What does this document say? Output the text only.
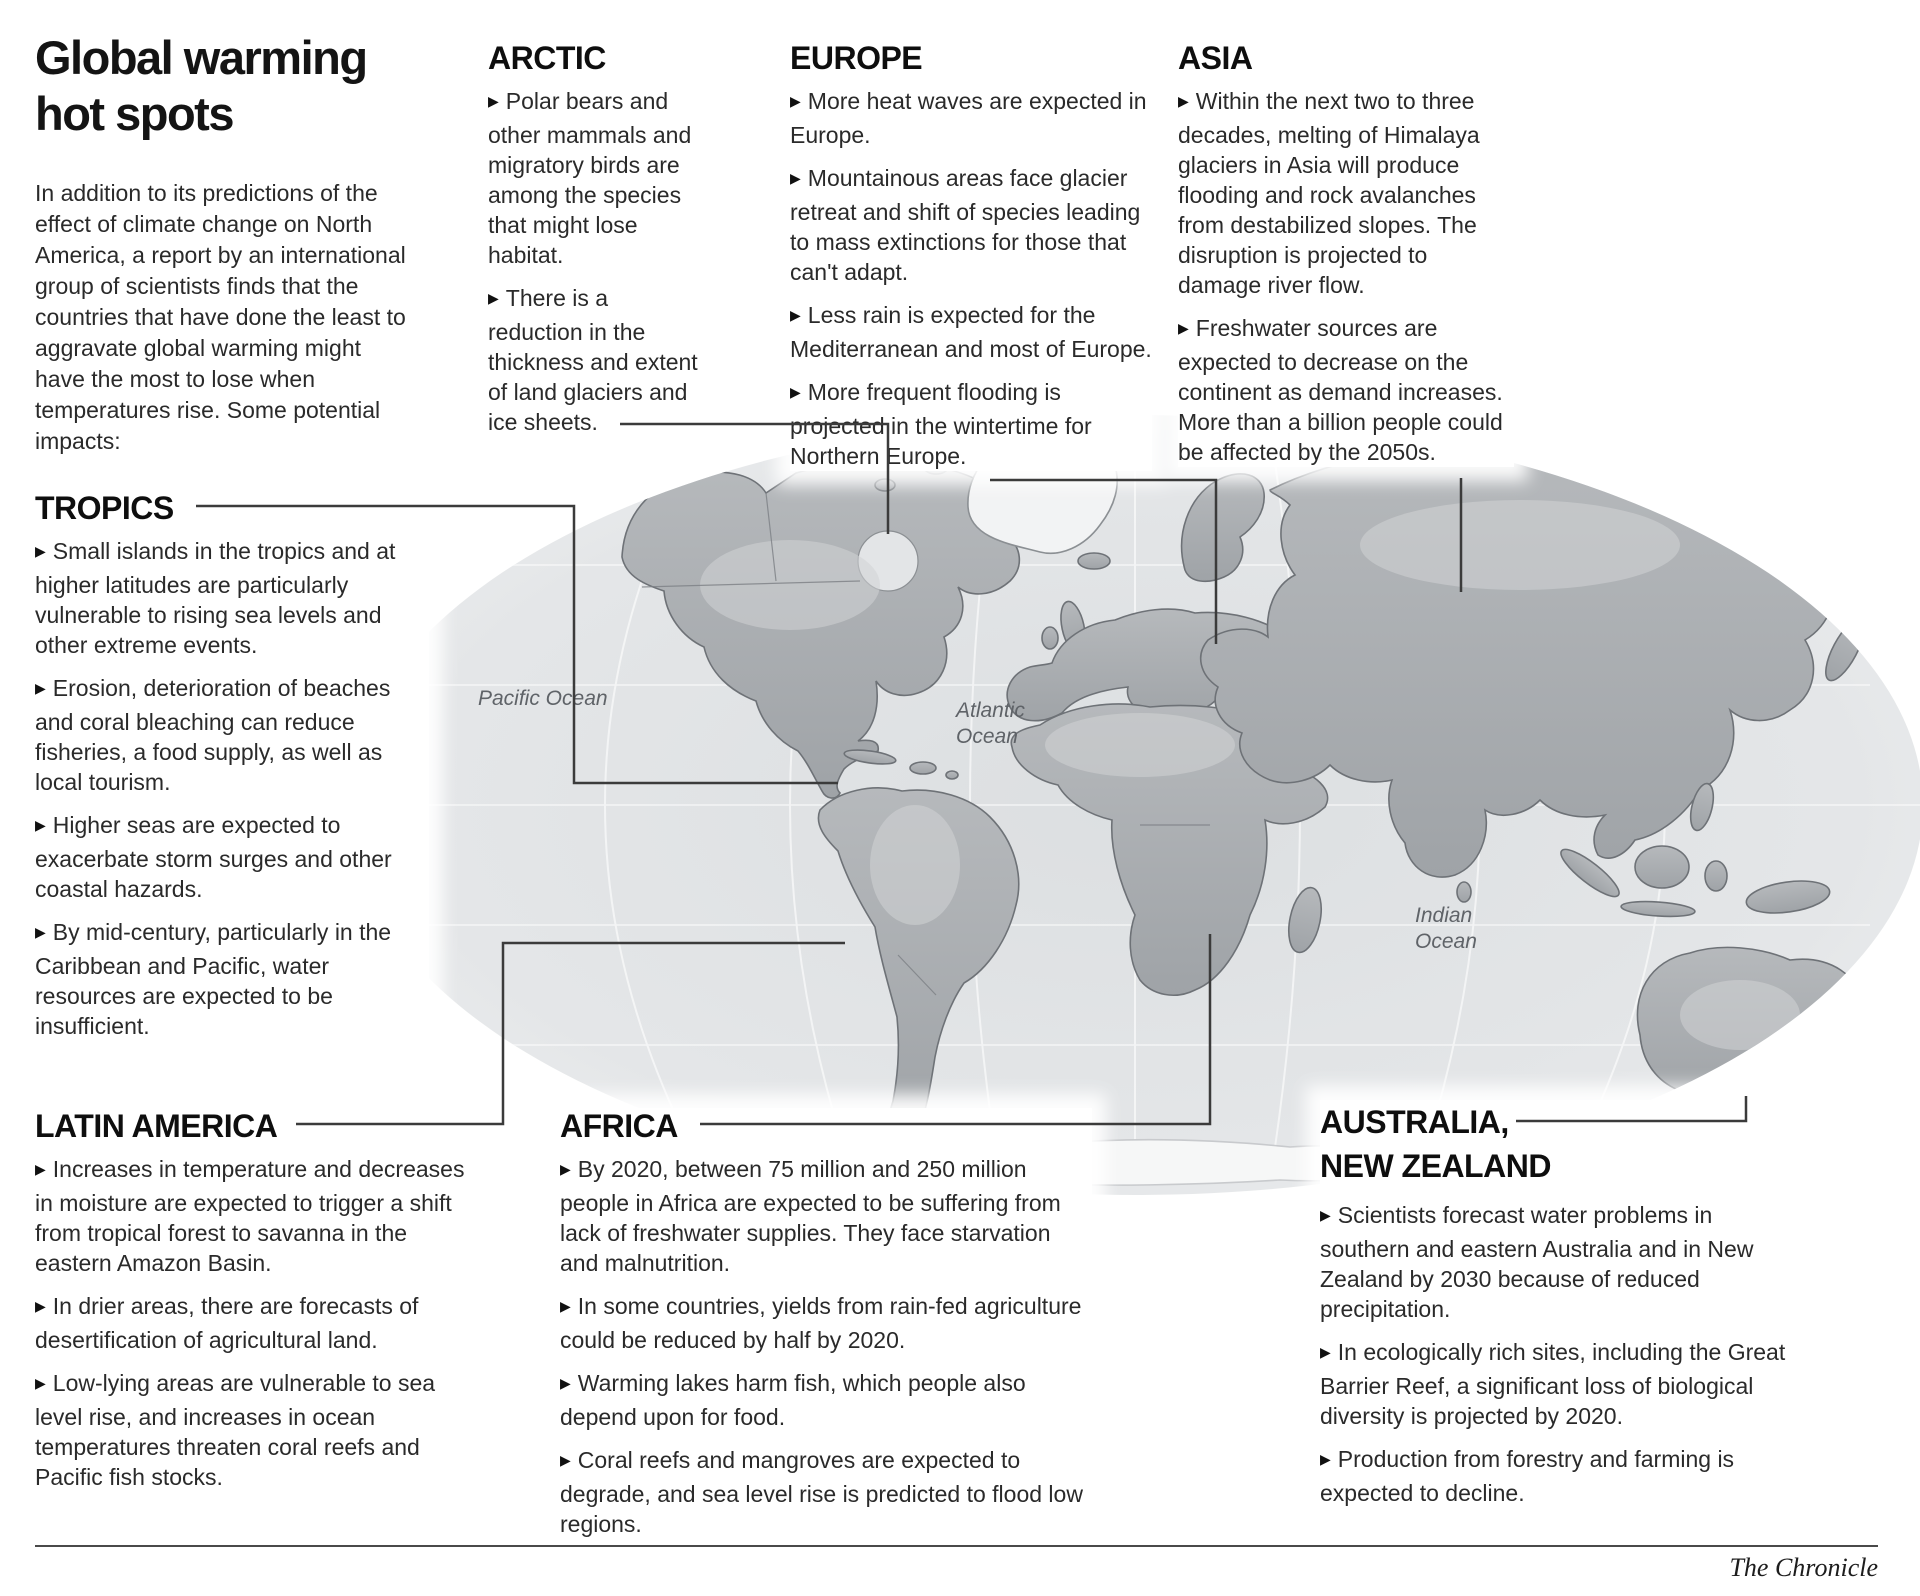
Atlantic
Ocean
Pacific Ocean
Indian
Ocean
Global warming
hot spots
In addition to its predictions of the effect of climate change on North America, a report by an international group of scientists finds that the countries that have done the least to aggravate global warming might have the most to lose when temperatures rise. Some potential impacts:
ARCTIC

▶ Polar bears and other mammals and migratory birds are among the species that might lose habitat.

▶ There is a reduction in the thickness and extent of land glaciers and ice sheets.

EUROPE

▶ More heat waves are expected in Europe.

▶ Mountainous areas face glacier retreat and shift of species leading to mass extinctions for those that can't adapt.

▶ Less rain is expected for the Mediterranean and most of Europe.

▶ More frequent flooding is projected in the wintertime for Northern Europe.

ASIA

▶ Within the next two to three decades, melting of Himalaya glaciers in Asia will produce flooding and rock avalanches from destabilized slopes. The disruption is projected to damage river flow.

▶ Freshwater sources are expected to decrease on the continent as demand increases. More than a billion people could be affected by the 2050s.

TROPICS

▶ Small islands in the tropics and at higher latitudes are particularly vulnerable to rising sea levels and other extreme events.

▶ Erosion, deterioration of beaches and coral bleaching can reduce fisheries, a food supply, as well as local tourism.

▶ Higher seas are expected to exacerbate storm surges and other coastal hazards.

▶ By mid-century, particularly in the Caribbean and Pacific, water resources are expected to be insufficient.

LATIN AMERICA

▶ Increases in temperature and decreases in moisture are expected to trigger a shift from tropical forest to savanna in the eastern Amazon Basin.

▶ In drier areas, there are forecasts of desertification of agricultural land.

▶ Low-lying areas are vulnerable to sea level rise, and increases in ocean temperatures threaten coral reefs and Pacific fish stocks.

AFRICA

▶ By 2020, between 75 million and 250 million people in Africa are expected to be suffering from lack of freshwater supplies. They face starvation and malnutrition.

▶ In some countries, yields from rain-fed agriculture could be reduced by half by 2020.

▶ Warming lakes harm fish, which people also depend upon for food.

▶ Coral reefs and mangroves are expected to degrade, and sea level rise is predicted to flood low regions.

AUSTRALIA,
NEW ZEALAND

▶ Scientists forecast water problems in southern and eastern Australia and in New Zealand by 2030 because of reduced precipitation.

▶ In ecologically rich sites, including the Great Barrier Reef, a significant loss of biological diversity is projected by 2020.

▶ Production from forestry and farming is expected to decline.

The Chronicle
